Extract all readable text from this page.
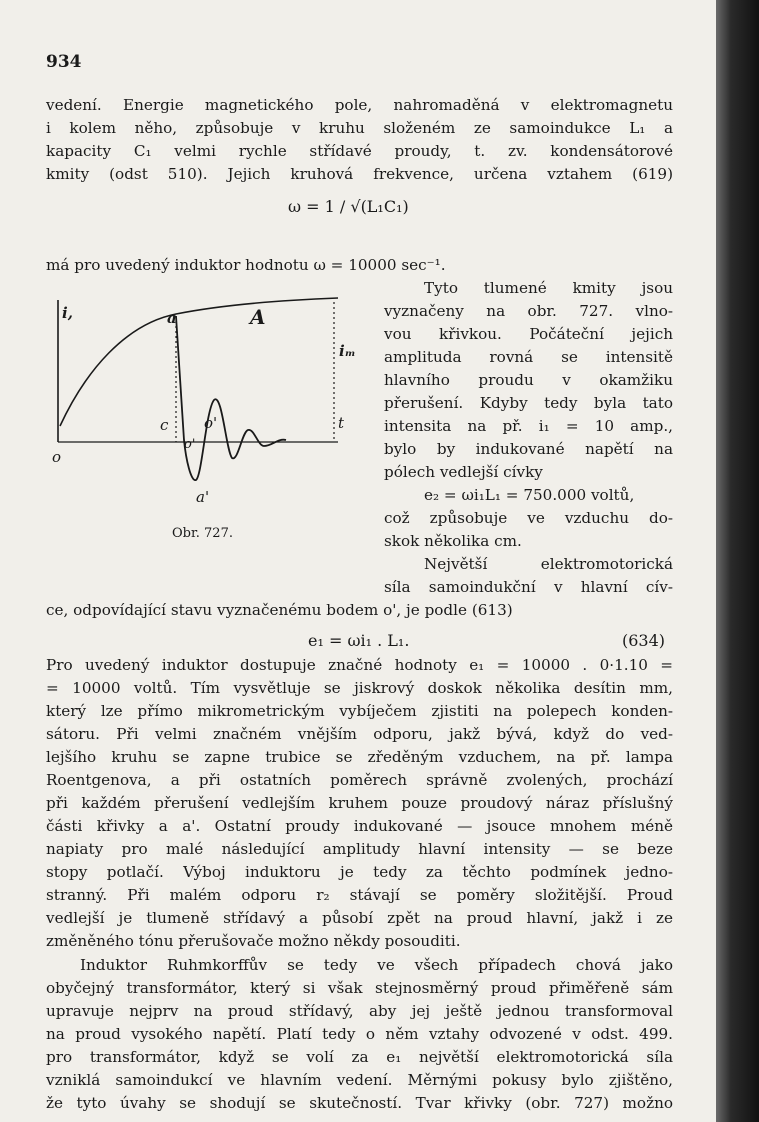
934

vedení. Energie magnetického pole, nahromaděná v elektromagnetu

i kolem něho, způsobuje v kruhu složeném ze samoindukce L₁ a

kapacity C₁ velmi rychle střídavé proudy, t. zv. kondensátorové

kmity (odst 510). Jejich kruhová frekvence, určena vztahem (619)

ω = 1 / √(L₁C₁)

má pro uvedený induktor hodnotu ω = 10000 sec⁻¹.

i,	a	A
iₘ
c o'	t
o
o'
a'
Obr. 727.

Tyto tlumené kmity jsou

vyznačeny na obr. 727. vlno-

vou křivkou. Počáteční jejich

amplituda rovná se intensitě

hlavního proudu v okamžiku

přerušení. Kdyby tedy byla tato

intensita na př. i₁ = 10 amp.,

bylo by indukované napětí na

pólech vedlejší cívky

e₂ = ωi₁L₁ = 750.000 voltů,

což způsobuje ve vzduchu do-

skok několika cm.

Největší elektromotorická

síla samoindukční v hlavní cív-

ce, odpovídající stavu vyznačenému bodem o', je podle (613)

e₁ = ωi₁ . L₁.	(634)

Pro uvedený induktor dostupuje značné hodnoty e₁ = 10000 . 0·1.10 =

= 10000 voltů. Tím vysvětluje se jiskrový doskok několika desítin mm,

který lze přímo mikrometrickým vybíječem zjistiti na polepech konden-

sátoru. Při velmi značném vnějším odporu, jakž bývá, když do ved-

lejšího kruhu se zapne trubice se zředěným vzduchem, na př. lampa

Roentgenova, a při ostatních poměrech správně zvolených, prochází

při každém přerušení vedlejším kruhem pouze proudový náraz příslušný

části křivky a a'. Ostatní proudy indukované — jsouce mnohem méně

napiaty pro malé následující amplitudy hlavní intensity — se beze

stopy potlačí. Výboj induktoru je tedy za těchto podmínek jedno-

stranný. Při malém odporu r₂ stávají se poměry složitější. Proud

vedlejší je tlumeně střídavý a působí zpět na proud hlavní, jakž i ze

změněného tónu přerušovače možno někdy posouditi.

Induktor Ruhmkorffův se tedy ve všech případech chová jako

obyčejný transformátor, který si však stejnosměrný proud přiměřeně sám

upravuje nejprv na proud střídavý, aby jej ještě jednou transformoval

na proud vysokého napětí. Platí tedy o něm vztahy odvozené v odst. 499.

pro transformátor, když se volí za e₁ největší elektromotorická síla

vzniklá samoindukcí ve hlavním vedení. Měrnými pokusy bylo zjištěno,

že tyto úvahy se shodují se skutečností. Tvar křivky (obr. 727) možno
